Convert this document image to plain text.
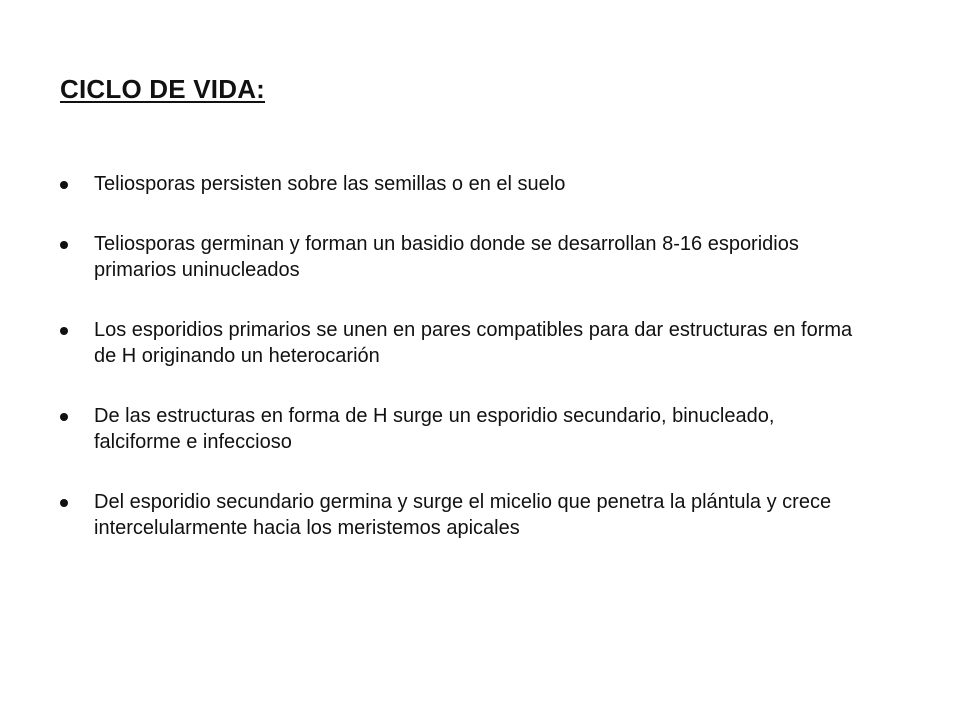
CICLO DE VIDA:
Teliosporas persisten sobre las semillas o en el suelo
Teliosporas germinan y forman un basidio donde se desarrollan 8-16 esporidios primarios uninucleados
Los esporidios primarios se unen en pares compatibles para dar estructuras en forma de H originando un heterocarión
De las estructuras en forma de H surge un esporidio secundario, binucleado, falciforme e infeccioso
Del esporidio secundario germina y surge el micelio que penetra la plántula y crece intercelularmente hacia los meristemos apicales
